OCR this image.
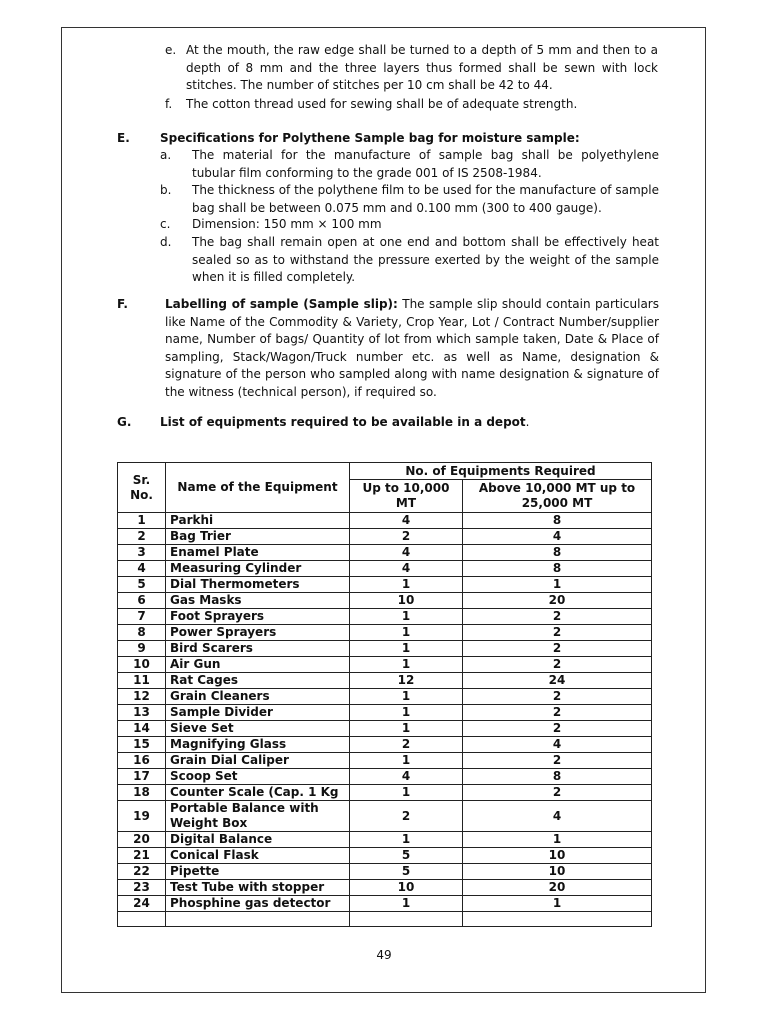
e. At the mouth, the raw edge shall be turned to a depth of 5 mm and then to a depth of 8 mm and the three layers thus formed shall be sewn with lock stitches. The number of stitches per 10 cm shall be 42 to 44.
f. The cotton thread used for sewing shall be of adequate strength.
E.	Specifications for Polythene Sample bag for moisture sample:
a. The material for the manufacture of sample bag shall be polyethylene tubular film conforming to the grade 001 of IS 2508-1984.
b. The thickness of the polythene film to be used for the manufacture of sample bag shall be between 0.075 mm and 0.100 mm (300 to 400 gauge).
c. Dimension: 150 mm × 100 mm
d. The bag shall remain open at one end and bottom shall be effectively heat sealed so as to withstand the pressure exerted by the weight of the sample when it is filled completely.
F.	Labelling of sample (Sample slip): The sample slip should contain particulars like Name of the Commodity & Variety, Crop Year, Lot / Contract Number/supplier name, Number of bags/ Quantity of lot from which sample taken, Date & Place of sampling, Stack/Wagon/Truck number etc. as well as Name, designation & signature of the person who sampled along with name designation & signature of the witness (technical person), if required so.
G. List of equipments required to be available in a depot.
Sr. No.	Name of the Equipment	No. of Equipments Required	
		Up to 10,000 MT	Above 10,000 MT up to 25,000 MT
1	Parkhi	4	8
2	Bag Trier	2	4
3	Enamel Plate	4	8
4	Measuring Cylinder	4	8
5	Dial Thermometers	1	1
6	Gas Masks	10	20
7	Foot Sprayers	1	2
8	Power Sprayers	1	2
9	Bird Scarers	1	2
10	Air Gun	1	2
11	Rat Cages	12	24
12	Grain Cleaners	1	2
13	Sample Divider	1	2
14	Sieve Set	1	2
15	Magnifying Glass	2	4
16	Grain Dial Caliper	1	2
17	Scoop Set	4	8
18	Counter Scale (Cap. 1 Kg	1	2
19	Portable Balance with Weight Box	2	4
20	Digital Balance	1	1
21	Conical Flask	5	10
22	Pipette	5	10
23	Test Tube with stopper	10	20
24	Phosphine gas detector	1	1

49
